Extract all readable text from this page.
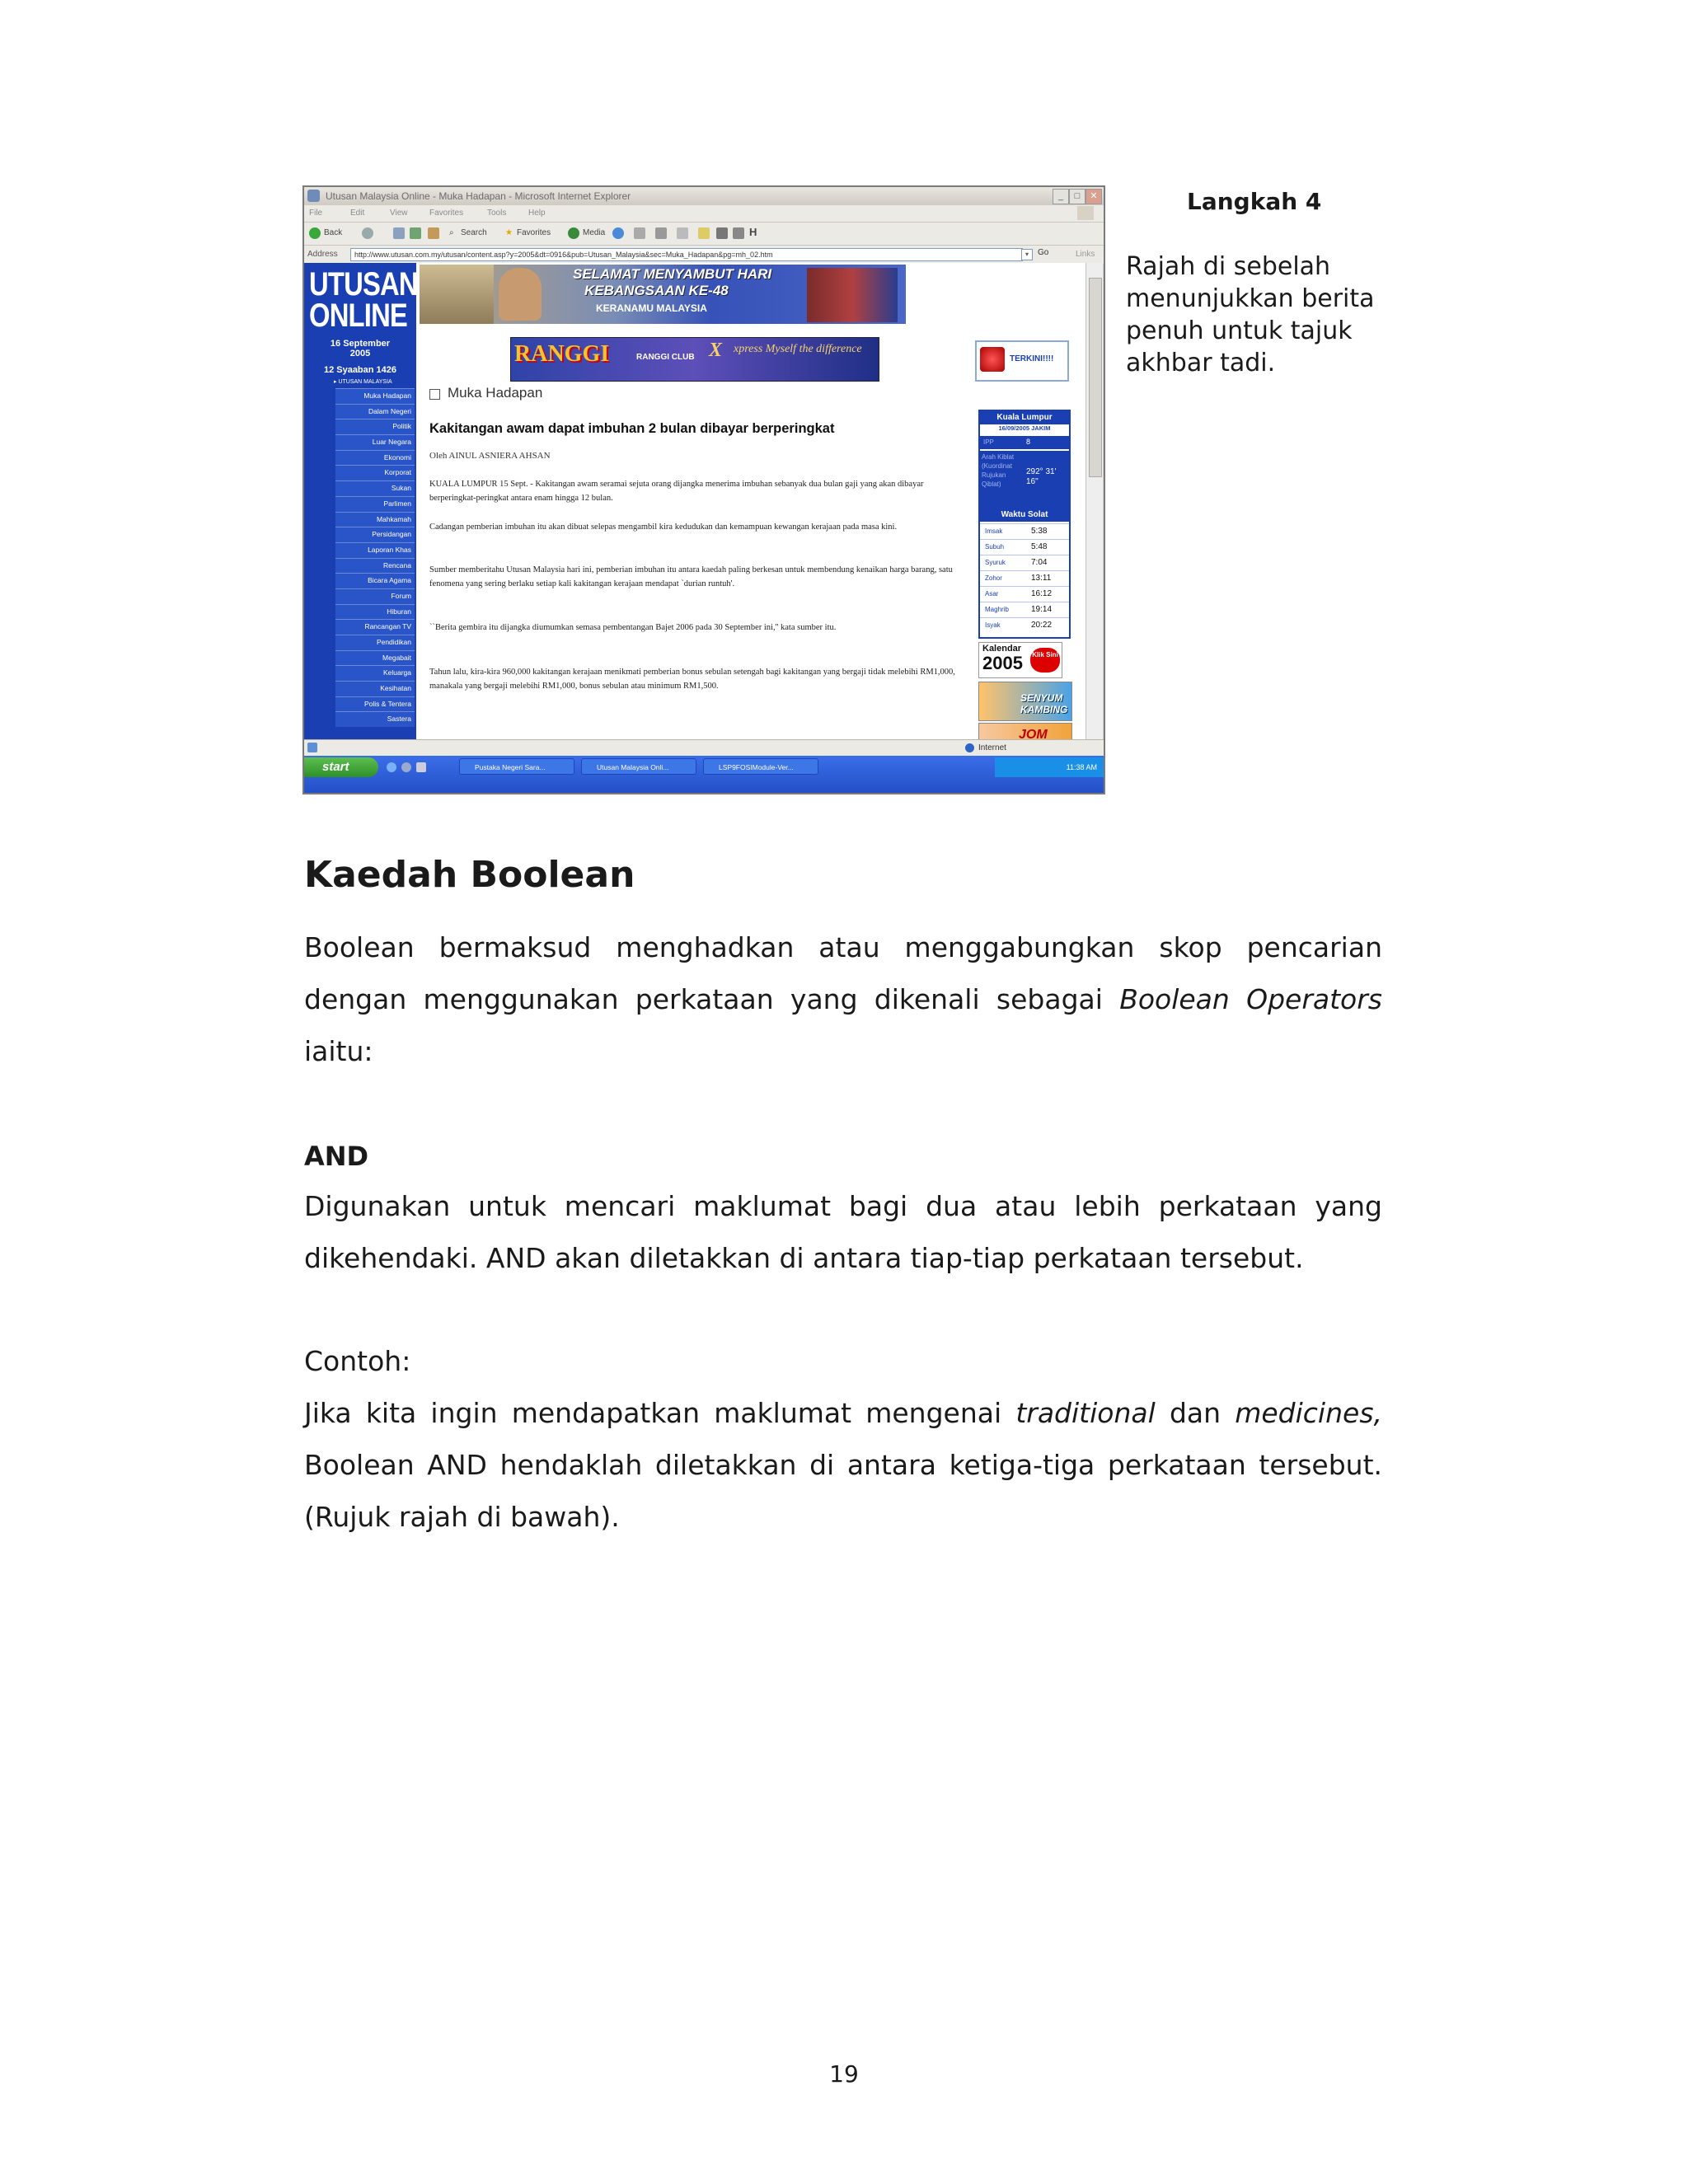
Utusan Malaysia Online - Muka Hadapan - Microsoft Internet Explorer	_	□	✕
File	Edit	View	Favorites	Tools	Help
Back	⌕ Search ★ Favorites	Media	H
Address	http://www.utusan.com.my/utusan/content.asp?y=2005&dt=0916&pub=Utusan_Malaysia&sec=Muka_Hadapan&pg=mh_02.htm	▾	Go	Links
UTUSAN
ONLINE
16 September
2005
12 Syaaban 1426
▸ UTUSAN MALAYSIA
Muka Hadapan
Dalam Negeri
Politik
Luar Negara
Ekonomi
Korporat
Sukan
Parlimen
Mahkamah
Persidangan
Laporan Khas
Rencana
Bicara Agama
Forum
Hiburan
Rancangan TV
Pendidikan
Megabait
Keluarga
Kesihatan
Polis & Tentera
Sastera
SELAMAT MENYAMBUT HARI
KEBANGSAAN KE-48
KERANAMU MALAYSIA
RANGGI	RANGGI CLUB X xpress Myself the difference
TERKINI!!!!
Muka Hadapan
Kakitangan awam dapat imbuhan 2 bulan dibayar berperingkat
Oleh AINUL ASNIERA AHSAN
KUALA LUMPUR 15 Sept. - Kakitangan awam seramai sejuta orang dijangka menerima imbuhan sebanyak dua bulan gaji yang akan dibayar berperingkat-peringkat antara enam hingga 12 bulan.
Cadangan pemberian imbuhan itu akan dibuat selepas mengambil kira kedudukan dan kemampuan kewangan kerajaan pada masa kini.
Sumber memberitahu Utusan Malaysia hari ini, pemberian imbuhan itu antara kaedah paling berkesan untuk membendung kenaikan harga barang, satu fenomena yang sering berlaku setiap kali kakitangan kerajaan mendapat `durian runtuh'.
``Berita gembira itu dijangka diumumkan semasa pembentangan Bajet 2006 pada 30 September ini,'' kata sumber itu.
Tahun lalu, kira-kira 960,000 kakitangan kerajaan menikmati pemberian bonus sebulan setengah bagi kakitangan yang bergaji tidak melebihi RM1,000, manakala yang bergaji melebihi RM1,000, bonus sebulan atau minimum RM1,500.
Kuala Lumpur
16/09/2005 JAKIM
IPP	8
Arah Kiblat (Kuordinat Rujukan Qiblat)
292° 31' 16"
Waktu Solat
Imsak	5:38
Subuh	5:48
Syuruk	7:04
Zohor	13:11
Asar	16:12
Maghrib	19:14
Isyak	20:22
Kalendar
2005 Klik Sini
SENYUM KAMBING
JOM
Internet
start	Pustaka Negeri Sara...	Utusan Malaysia Onli...	LSP9FOSIModule-Ver...	11:38 AM
Langkah 4
Rajah di sebelah menunjukkan berita penuh untuk tajuk akhbar tadi.
Kaedah Boolean
Boolean bermaksud menghadkan atau menggabungkan skop pencarian dengan menggunakan perkataan yang dikenali sebagai Boolean Operators iaitu:
AND
Digunakan untuk mencari maklumat bagi dua atau lebih perkataan yang dikehendaki. AND akan diletakkan di antara tiap-tiap perkataan tersebut.
Contoh:
Jika kita ingin mendapatkan maklumat mengenai traditional dan medicines, Boolean AND hendaklah diletakkan di antara ketiga-tiga perkataan tersebut. (Rujuk rajah di bawah).
19
